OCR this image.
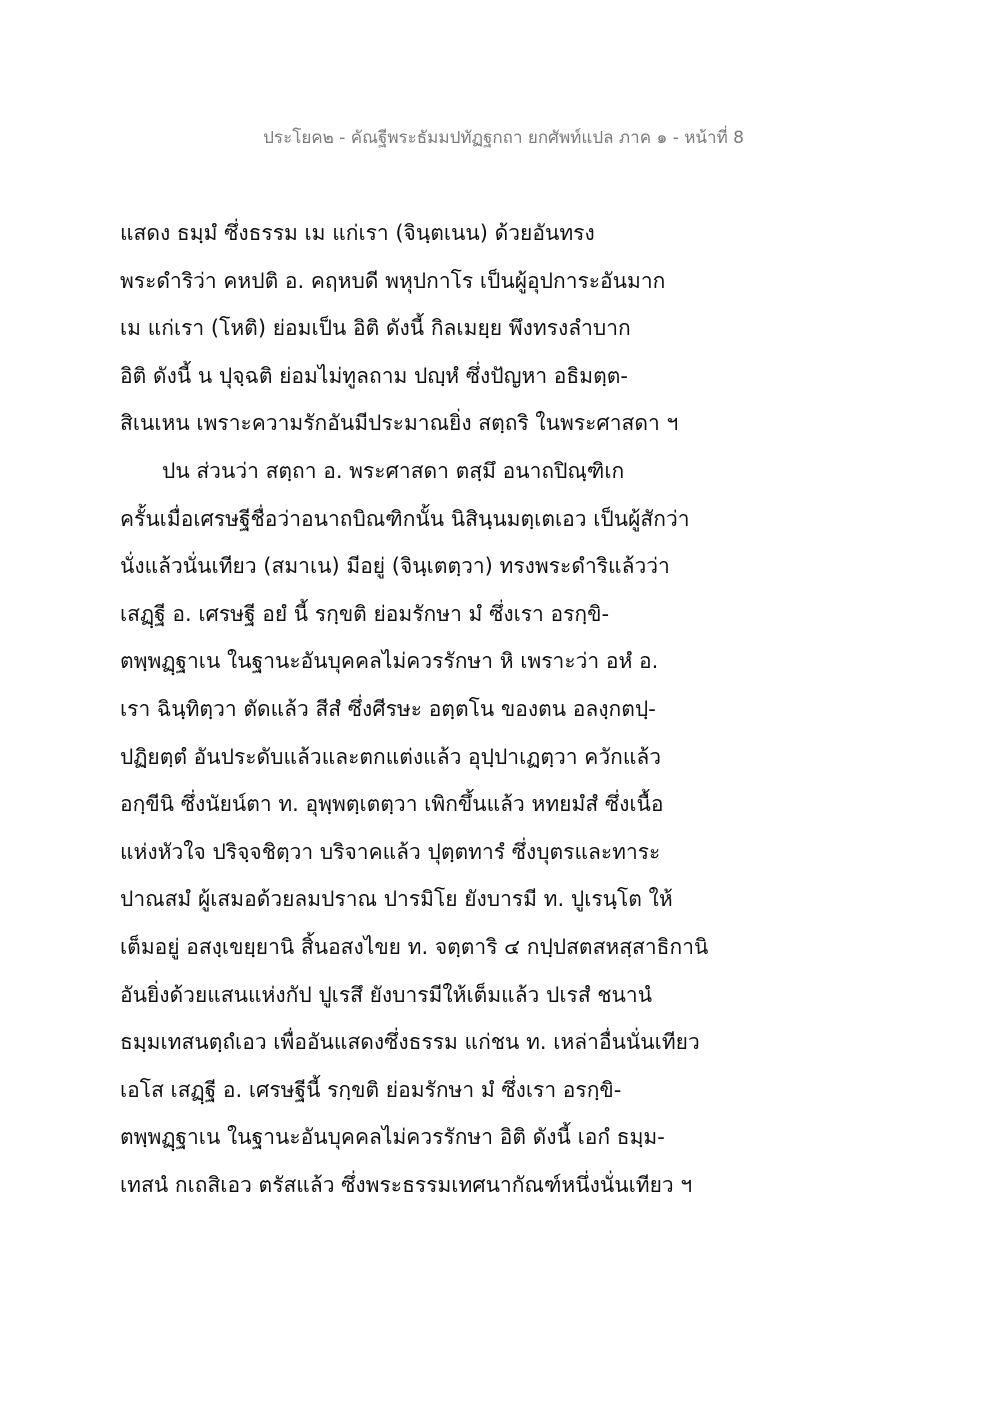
ประโยค๒ - คัณฐีพระธัมมปทัฏฐกถา ยกศัพท์แปล ภาค ๑ - หน้าที่ 8
แสดง ธมฺมํ ซึ่งธรรม เม แก่เรา (จินฺตเนน) ด้วยอันทรง
พระดำริว่า คหปติ อ. คฤหบดี พหุปกาโร เป็นผู้อุปการะอันมาก
เม แก่เรา (โหติ) ย่อมเป็น อิติ ดังนี้ กิลเมยฺย พึงทรงลำบาก
อิติ ดังนี้ น ปุจฺฉติ ย่อมไม่ทูลถาม ปญฺหํ ซึ่งปัญหา อธิมตฺต-
สิเนเหน เพราะความรักอันมีประมาณยิ่ง สตฺถริ ในพระศาสดา ฯ
ปน ส่วนว่า สตฺถา อ. พระศาสดา ตสฺมึ อนาถปิณฺฑิเก
ครั้นเมื่อเศรษฐีชื่อว่าอนาถบิณฑิกนั้น นิสินฺนมตฺเตเอว เป็นผู้สักว่า
นั่งแล้วนั่นเทียว (สมาเน) มีอยู่ (จินฺเตตฺวา) ทรงพระดำริแล้วว่า
เสฏฺฐี อ. เศรษฐี อยํ นี้ รกฺขติ ย่อมรักษา มํ ซึ่งเรา อรกฺขิ-
ตพฺพฏฺฐาเน ในฐานะอันบุคคลไม่ควรรักษา หิ เพราะว่า อหํ อ.
เรา ฉินฺทิตฺวา ตัดแล้ว สีสํ ซึ่งศีรษะ อตฺตโน ของตน อลงฺกตปฺ-
ปฏิยตฺตํ อันประดับแล้วและตกแต่งแล้ว อุปฺปาเฏตฺวา ควักแล้ว
อกฺขีนิ ซึ่งนัยน์ตา ท. อุพฺพตฺเตตฺวา เพิกขึ้นแล้ว หทยมํสํ ซึ่งเนื้อ
แห่งหัวใจ ปริจฺจชิตฺวา บริจาคแล้ว ปุตฺตทารํ ซึ่งบุตรและทาระ
ปาณสมํ ผู้เสมอด้วยลมปราณ ปารมิโย ยังบารมี ท. ปูเรนฺโต ให้
เต็มอยู่ อสงฺเขยฺยานิ สิ้นอสงไขย ท. จตฺตาริ ๔ กปฺปสตสหสฺสาธิกานิ
อันยิ่งด้วยแสนแห่งกัป ปูเรสึ ยังบารมีให้เต็มแล้ว ปเรสํ ชนานํ
ธมฺมเทสนตฺถํเอว เพื่ออันแสดงซึ่งธรรม แก่ชน ท. เหล่าอื่นนั่นเทียว
เอโส เสฏฺฐี อ. เศรษฐีนี้ รกฺขติ ย่อมรักษา มํ ซึ่งเรา อรกฺขิ-
ตพฺพฏฺฐาเน ในฐานะอันบุคคลไม่ควรรักษา อิติ ดังนี้ เอกํ ธมฺม-
เทสนํ กเถสิเอว ตรัสแล้ว ซึ่งพระธรรมเทศนากัณฑ์หนึ่งนั่นเทียว ฯ
